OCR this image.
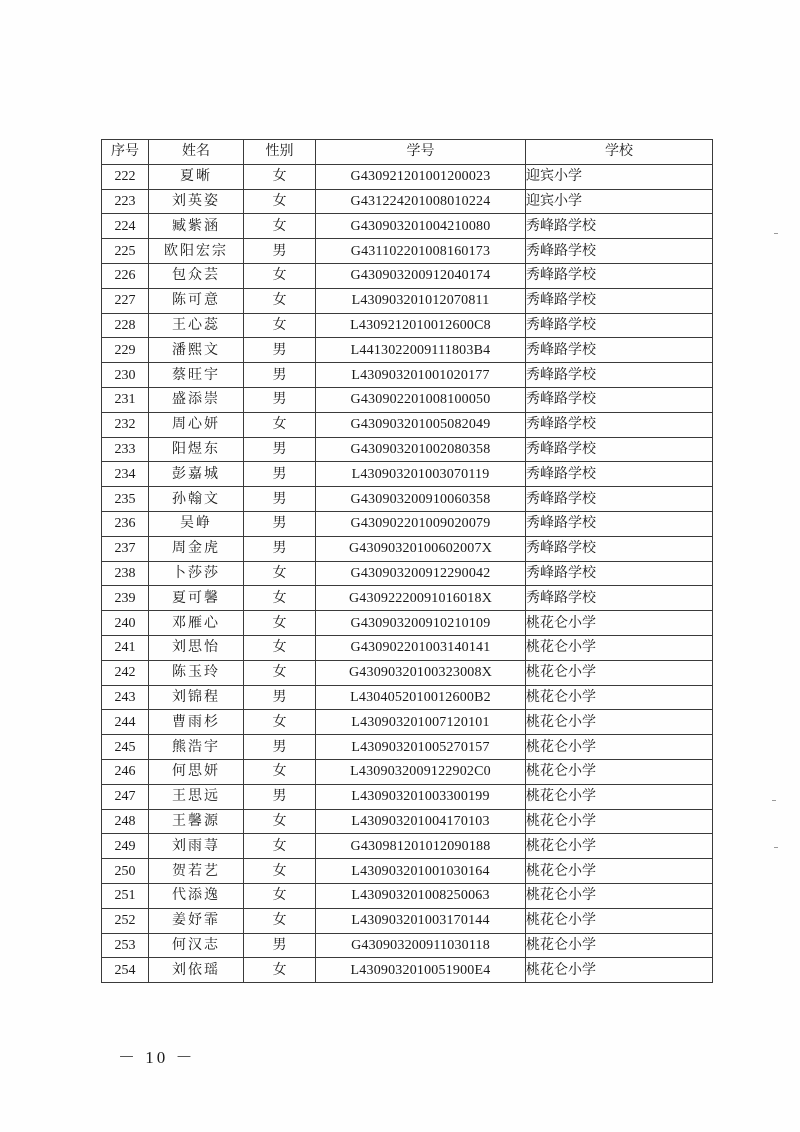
序号	姓名	性别	学号	学校
222	夏晰	女	G430921201001200023	迎宾小学
223	刘英姿	女	G431224201008010224	迎宾小学
224	臧紫涵	女	G430903201004210080	秀峰路学校
225	欧阳宏宗	男	G431102201008160173	秀峰路学校
226	包众芸	女	G430903200912040174	秀峰路学校
227	陈可意	女	L430903201012070811	秀峰路学校
228	王心蕊	女	L4309212010012600C8	秀峰路学校
229	潘熙文	男	L4413022009111803B4	秀峰路学校
230	蔡旺宇	男	L430903201001020177	秀峰路学校
231	盛添崇	男	G430902201008100050	秀峰路学校
232	周心妍	女	G430903201005082049	秀峰路学校
233	阳煜东	男	G430903201002080358	秀峰路学校
234	彭嘉城	男	L430903201003070119	秀峰路学校
235	孙翰文	男	G430903200910060358	秀峰路学校
236	吴峥	男	G430902201009020079	秀峰路学校
237	周金虎	男	G43090320100602007X	秀峰路学校
238	卜莎莎	女	G430903200912290042	秀峰路学校
239	夏可馨	女	G43092220091016018X	秀峰路学校
240	邓雁心	女	G430903200910210109	桃花仑小学
241	刘思怡	女	G430902201003140141	桃花仑小学
242	陈玉玲	女	G43090320100323008X	桃花仑小学
243	刘锦程	男	L4304052010012600B2	桃花仑小学
244	曹雨杉	女	L430903201007120101	桃花仑小学
245	熊浩宇	男	L430903201005270157	桃花仑小学
246	何思妍	女	L4309032009122902C0	桃花仑小学
247	王思远	男	L430903201003300199	桃花仑小学
248	王馨源	女	L430903201004170103	桃花仑小学
249	刘雨荨	女	G430981201012090188	桃花仑小学
250	贺若艺	女	L430903201001030164	桃花仑小学
251	代添逸	女	L430903201008250063	桃花仑小学
252	姜妤霏	女	L430903201003170144	桃花仑小学
253	何汉志	男	G430903200911030118	桃花仑小学
254	刘依瑶	女	L4309032010051900E4	桃花仑小学
－ 10 －
